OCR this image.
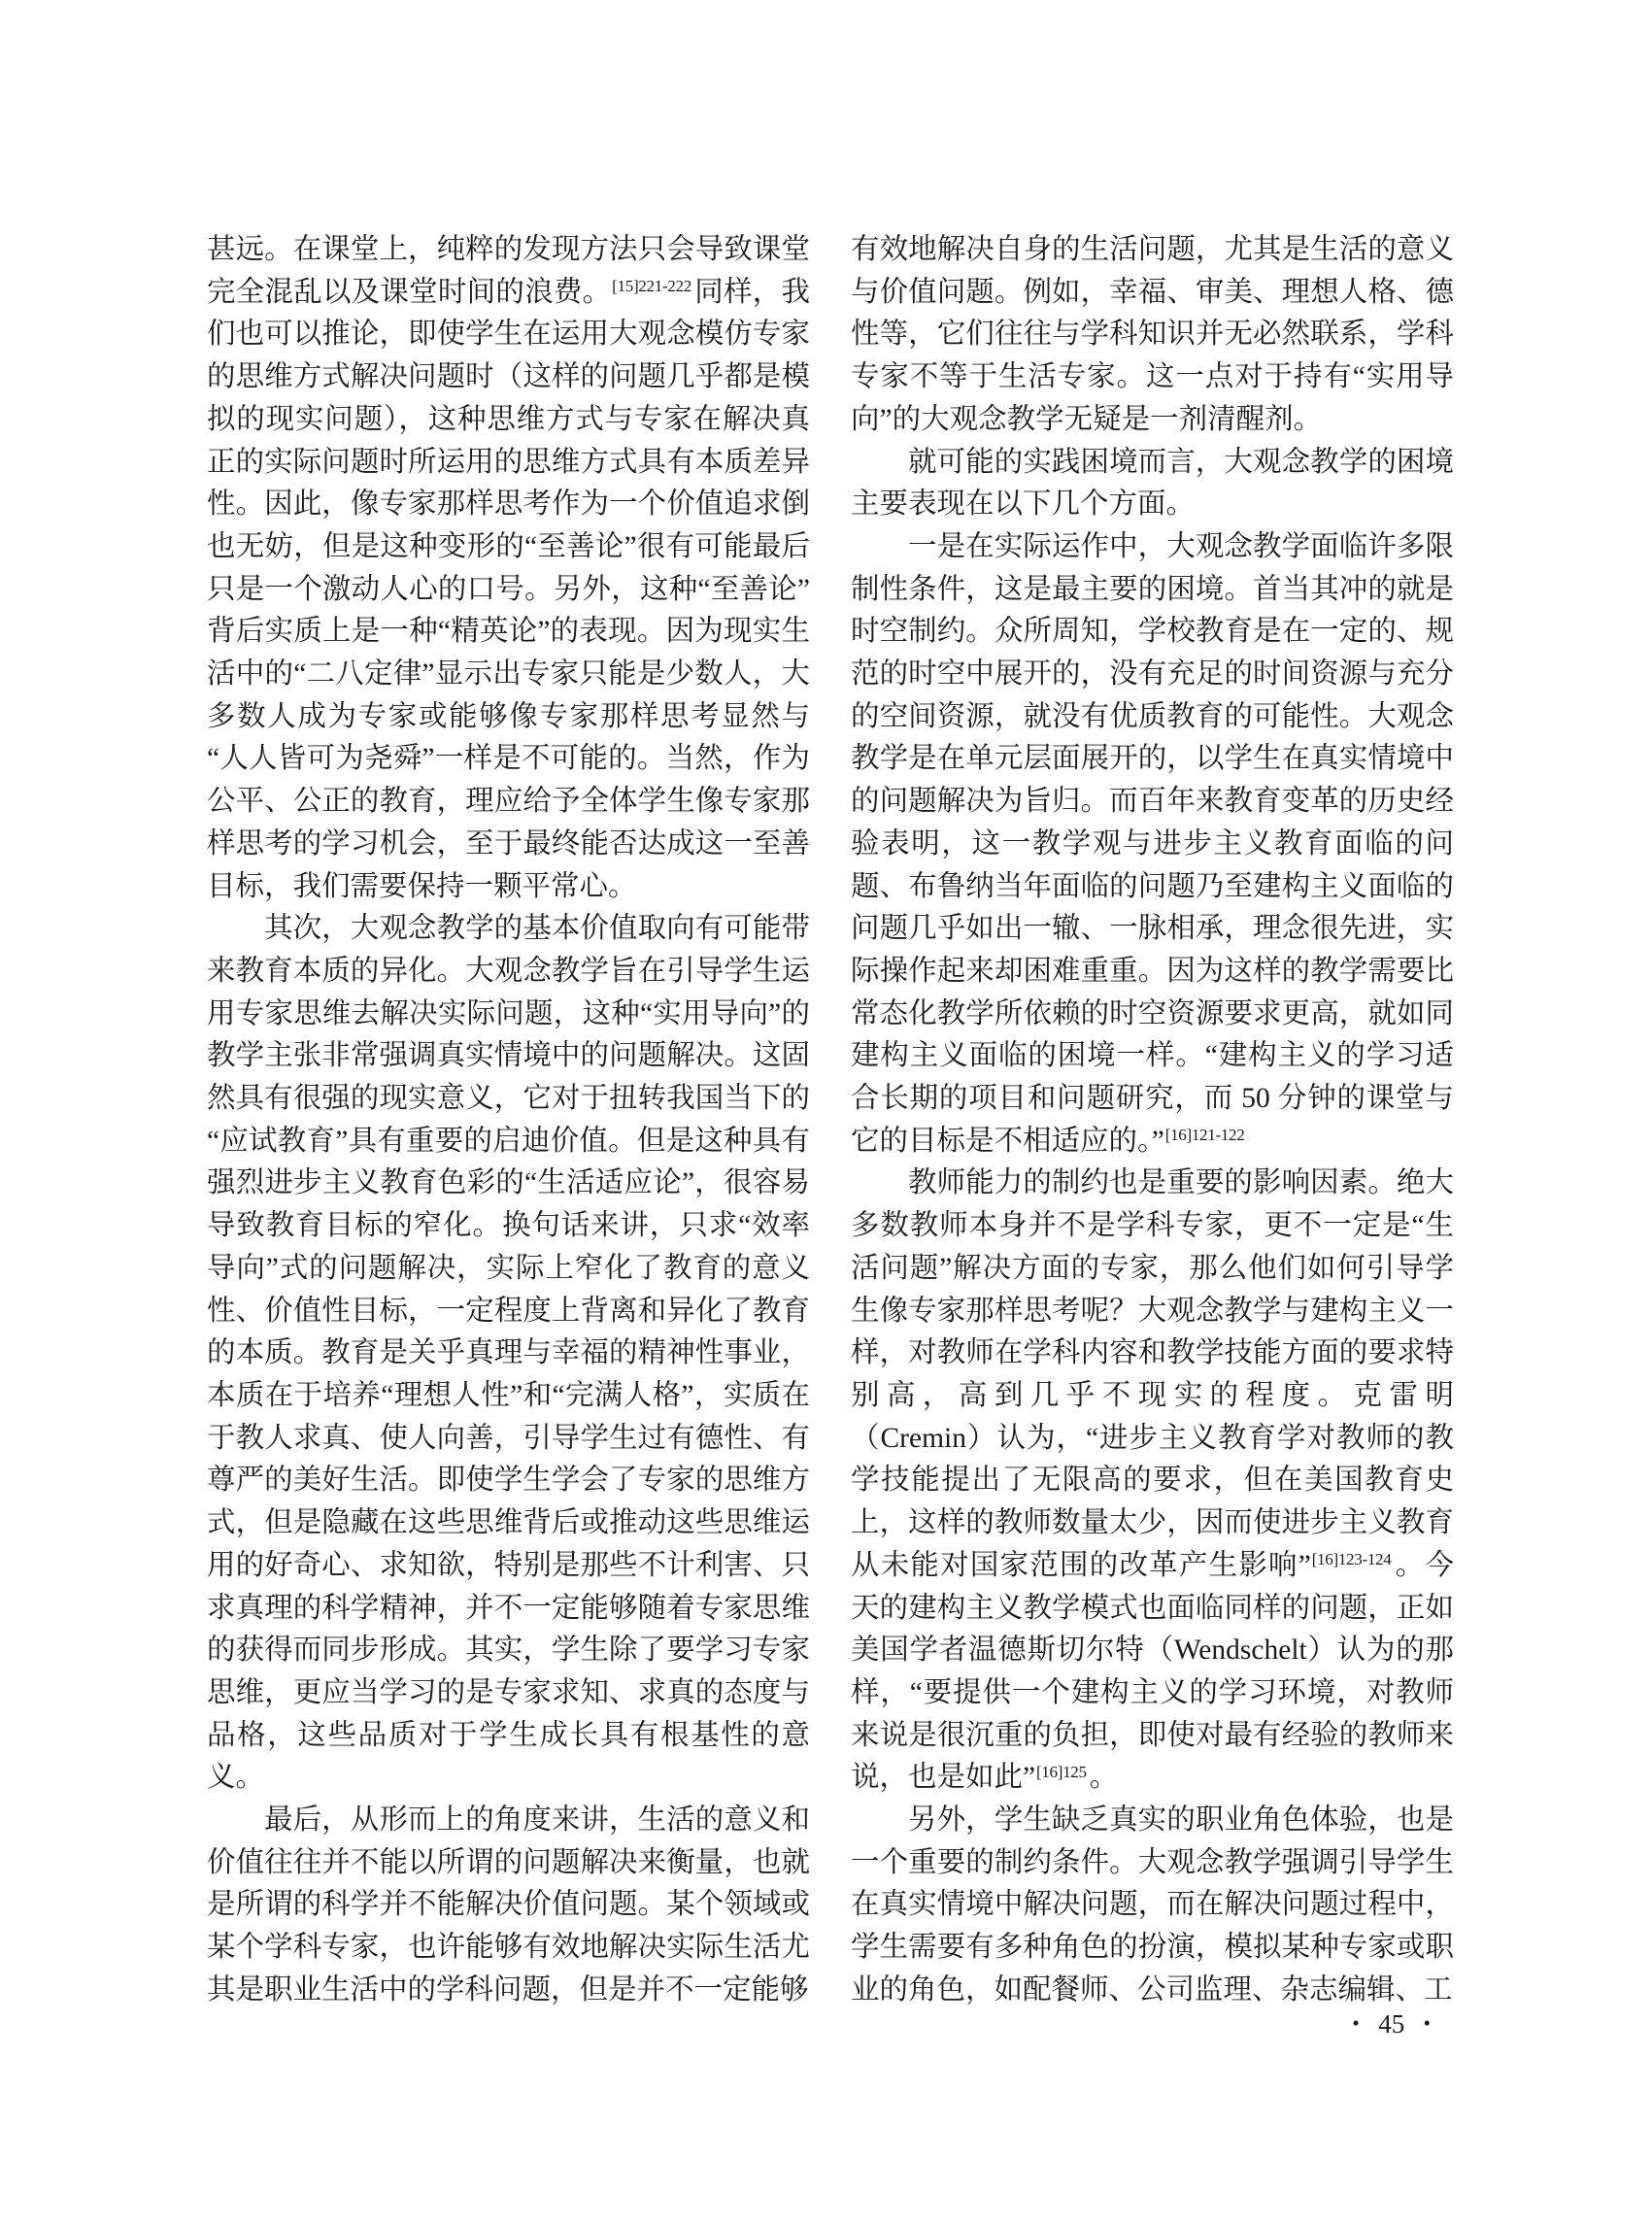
甚远。在课堂上，纯粹的发现方法只会导致课堂完全混乱以及课堂时间的浪费。$^{[15]221-222}$ 同样，我们也可以推论，即使学生在运用大观念模仿专家的思维方式解决问题时（这样的问题几乎都是模拟的现实问题），这种思维方式与专家在解决真正的实际问题时所运用的思维方式具有本质差异性。因此，像专家那样思考作为一个价值追求倒也无妨，但是这种变形的“至善论”很有可能最后只是一个激动人心的口号。另外，这种“至善论”背后实质上是一种“精英论”的表现。因为现实生活中的“二八定律”显示出专家只能是少数人，大多数人成为专家或能够像专家那样思考显然与“人人皆可为尧舜”一样是不可能的。当然，作为公平、公正的教育，理应给予全体学生像专家那样思考的学习机会，至于最终能否达成这一至善目标，我们需要保持一颗平常心。

其次，大观念教学的基本价值取向有可能带来教育本质的异化。大观念教学旨在引导学生运用专家思维去解决实际问题，这种“实用导向”的教学主张非常强调真实情境中的问题解决。这固然具有很强的现实意义，它对于扭转我国当下的“应试教育”具有重要的启迪价值。但是这种具有强烈进步主义教育色彩的“生活适应论”，很容易导致教育目标的窄化。换句话来讲，只求“效率导向”式的问题解决，实际上窄化了教育的意义性、价值性目标，一定程度上背离和异化了教育的本质。教育是关乎真理与幸福的精神性事业，本质在于培养“理想人性”和“完满人格”，实质在于教人求真、使人向善，引导学生过有德性、有尊严的美好生活。即使学生学会了专家的思维方式，但是隐藏在这些思维背后或推动这些思维运用的好奇心、求知欲，特别是那些不计利害、只求真理的科学精神，并不一定能够随着专家思维的获得而同步形成。其实，学生除了要学习专家思维，更应当学习的是专家求知、求真的态度与品格，这些品质对于学生成长具有根基性的意义。

最后，从形而上的角度来讲，生活的意义和价值往往并不能以所谓的问题解决来衡量，也就是所谓的科学并不能解决价值问题。某个领域或某个学科专家，也许能够有效地解决实际生活尤其是职业生活中的学科问题，但是并不一定能够

有效地解决自身的生活问题，尤其是生活的意义与价值问题。例如，幸福、审美、理想人格、德性等，它们往往与学科知识并无必然联系，学科专家不等于生活专家。这一点对于持有“实用导向”的大观念教学无疑是一剂清醒剂。

就可能的实践困境而言，大观念教学的困境主要表现在以下几个方面。

一是在实际运作中，大观念教学面临许多限制性条件，这是最主要的困境。首当其冲的就是时空制约。众所周知，学校教育是在一定的、规范的时空中展开的，没有充足的时间资源与充分的空间资源，就没有优质教育的可能性。大观念教学是在单元层面展开的，以学生在真实情境中的问题解决为旨归。而百年来教育变革的历史经验表明，这一教学观与进步主义教育面临的问题、布鲁纳当年面临的问题乃至建构主义面临的问题几乎如出一辙、一脉相承，理念很先进，实际操作起来却困难重重。因为这样的教学需要比常态化教学所依赖的时空资源要求更高，就如同建构主义面临的困境一样。“建构主义的学习适合长期的项目和问题研究，而 50 分钟的课堂与它的目标是不相适应的。”$^{[16]121-122}$

教师能力的制约也是重要的影响因素。绝大多数教师本身并不是学科专家，更不一定是“生活问题”解决方面的专家，那么他们如何引导学生像专家那样思考呢？大观念教学与建构主义一样，对教师在学科内容和教学技能方面的要求特别高，高到几乎不现实的程度。克雷明（Cremin）认为，“进步主义教育学对教师的教学技能提出了无限高的要求，但在美国教育史上，这样的教师数量太少，因而使进步主义教育从未能对国家范围的改革产生影响”$^{[16]123-124}$ 。今天的建构主义教学模式也面临同样的问题，正如美国学者温德斯切尔特（Wendschelt）认为的那样，“要提供一个建构主义的学习环境，对教师来说是很沉重的负担，即使对最有经验的教师来说，也是如此”$^{[16]125}$ 。

另外，学生缺乏真实的职业角色体验，也是一个重要的制约条件。大观念教学强调引导学生在真实情境中解决问题，而在解决问题过程中，学生需要有多种角色的扮演，模拟某种专家或职业的角色，如配餐师、公司监理、杂志编辑、工

• 45 •
